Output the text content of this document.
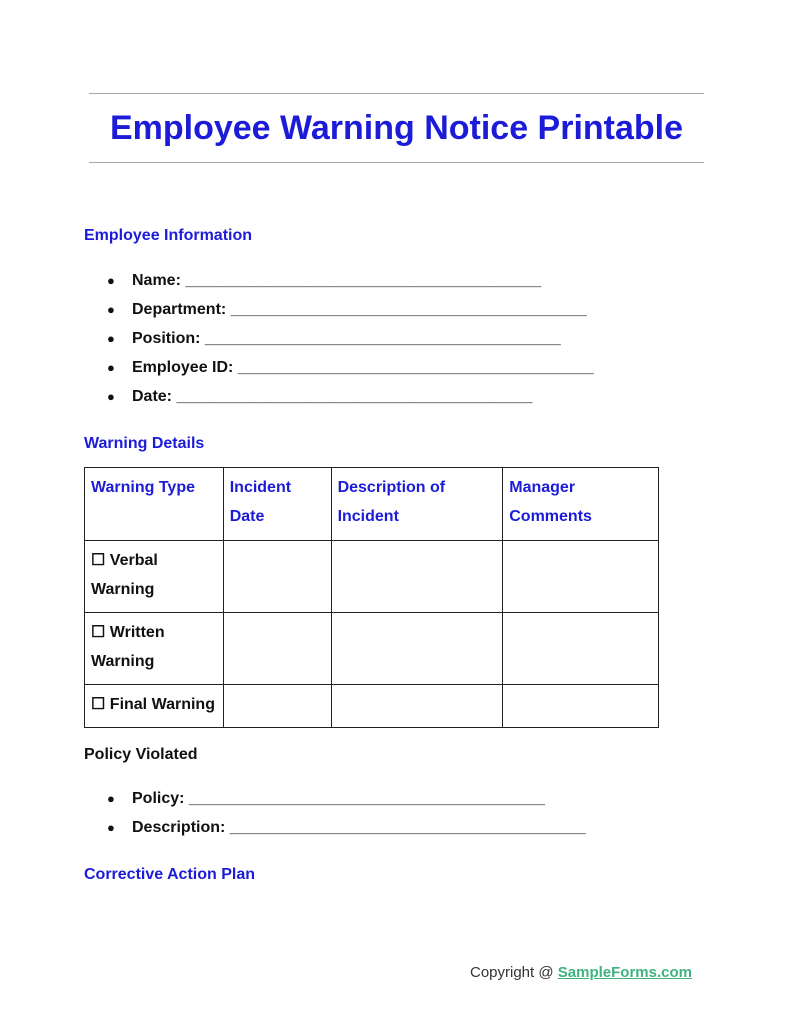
Employee Warning Notice Printable
Employee Information
● Name: ________________________________________
● Department: ________________________________________
● Position: ________________________________________
● Employee ID: ________________________________________
● Date: ________________________________________
Warning Details
Warning Type	Incident Date	Description of Incident	Manager Comments
☐ Verbal Warning			
☐ Written Warning			
☐ Final Warning			
Policy Violated
● Policy: ________________________________________
● Description: ________________________________________
Corrective Action Plan
Copyright @ SampleForms.com
